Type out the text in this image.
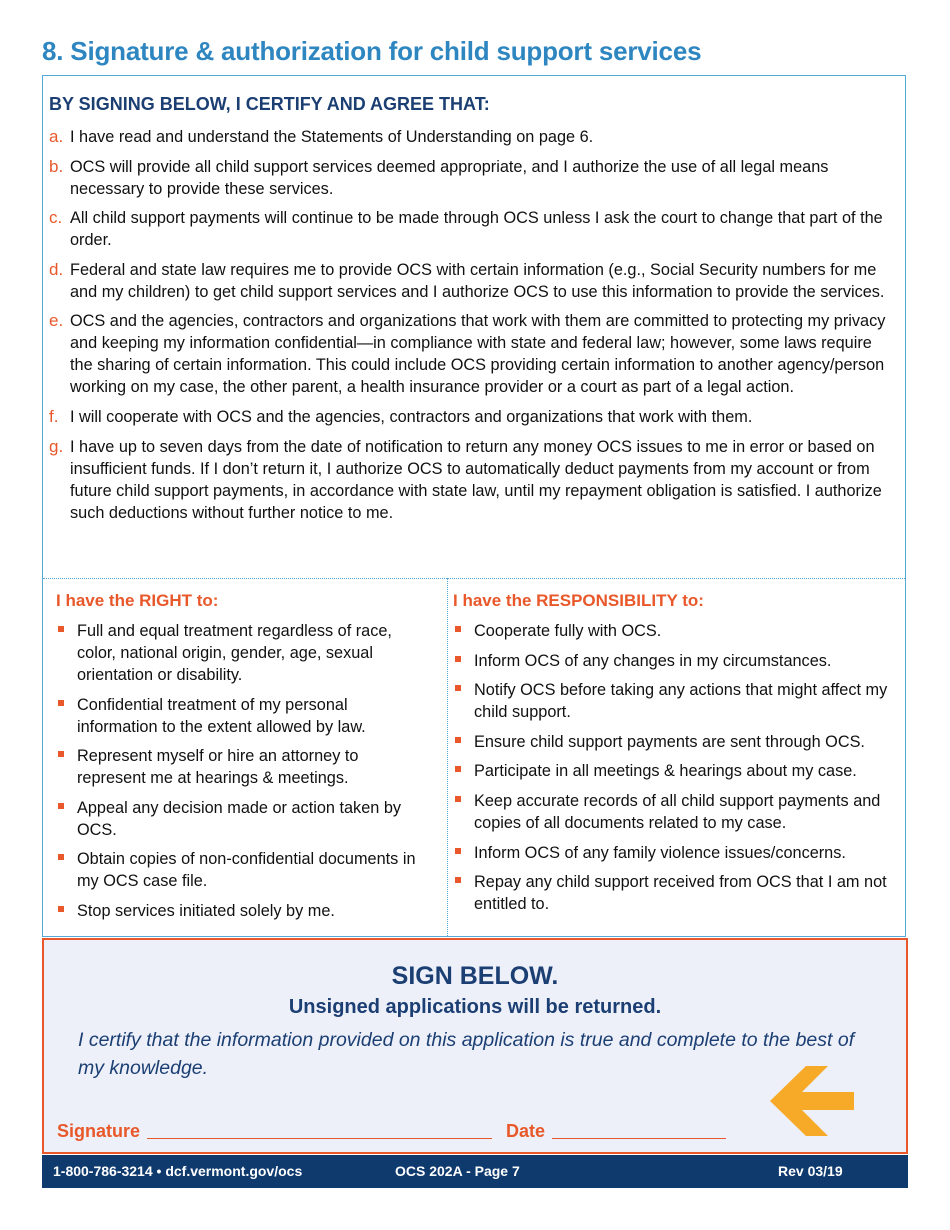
8. Signature & authorization for child support services
BY SIGNING BELOW, I CERTIFY AND AGREE THAT:
a. I have read and understand the Statements of Understanding on page 6.
b. OCS will provide all child support services deemed appropriate, and I authorize the use of all legal means necessary to provide these services.
c. All child support payments will continue to be made through OCS unless I ask the court to change that part of the order.
d. Federal and state law requires me to provide OCS with certain information (e.g., Social Security numbers for me and my children) to get child support services and I authorize OCS to use this information to provide the services.
e. OCS and the agencies, contractors and organizations that work with them are committed to protecting my privacy and keeping my information confidential—in compliance with state and federal law; however, some laws require the sharing of certain information. This could include OCS providing certain information to another agency/person working on my case, the other parent, a health insurance provider or a court as part of a legal action.
f. I will cooperate with OCS and the agencies, contractors and organizations that work with them.
g. I have up to seven days from the date of notification to return any money OCS issues to me in error or based on insufficient funds. If I don’t return it, I authorize OCS to automatically deduct payments from my account or from future child support payments, in accordance with state law, until my repayment obligation is satisfied. I authorize such deductions without further notice to me.
I have the RIGHT to:
Full and equal treatment regardless of race, color, national origin, gender, age, sexual orientation or disability.
Confidential treatment of my personal information to the extent allowed by law.
Represent myself or hire an attorney to represent me at hearings & meetings.
Appeal any decision made or action taken by OCS.
Obtain copies of non-confidential documents in my OCS case file.
Stop services initiated solely by me.
I have the RESPONSIBILITY to:
Cooperate fully with OCS.
Inform OCS of any changes in my circumstances.
Notify OCS before taking any actions that might affect my child support.
Ensure child support payments are sent through OCS.
Participate in all meetings & hearings about my case.
Keep accurate records of all child support payments and copies of all documents related to my case.
Inform OCS of any family violence issues/concerns.
Repay any child support received from OCS that I am not entitled to.
SIGN BELOW.

Unsigned applications will be returned.

I certify that the information provided on this application is true and complete to the best of my knowledge.

Signature	Date
1-800-786-3214 • dcf.vermont.gov/ocs	OCS 202A - Page 7	Rev 03/19
